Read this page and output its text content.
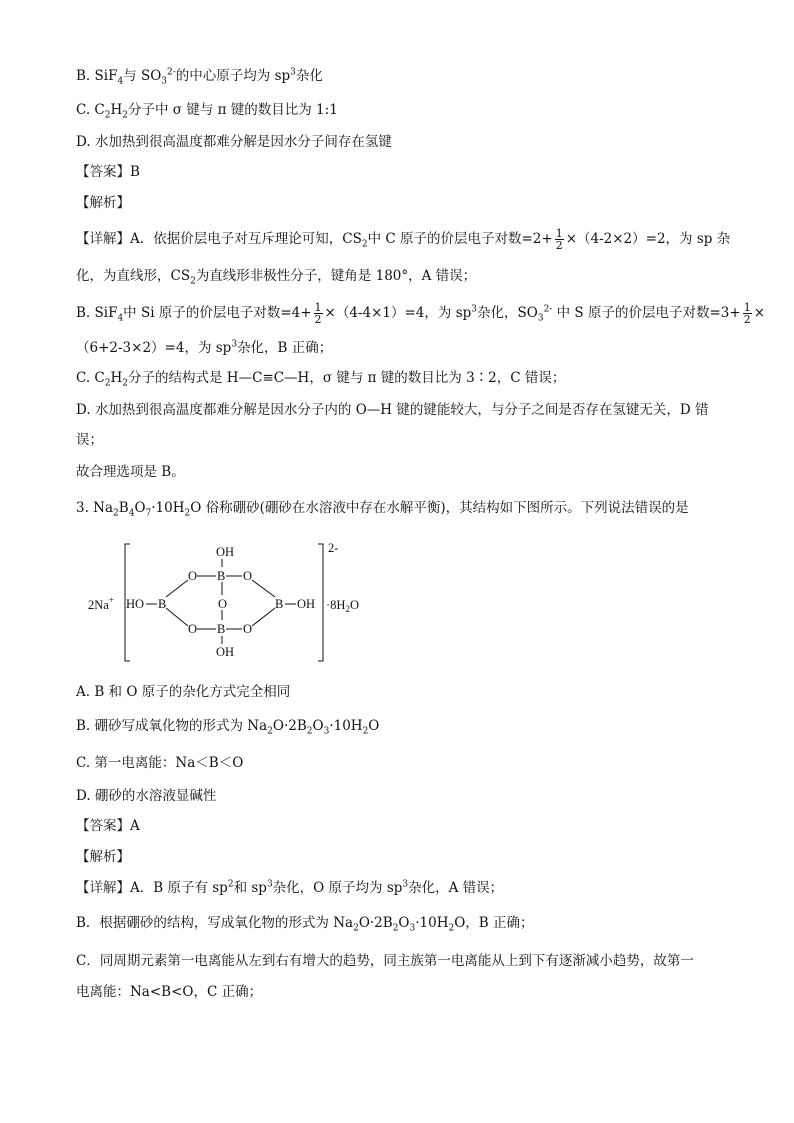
B. SiF$_4$与 $SO_3^{2-}$的中心原子均为 $sp^3$杂化
C. $C_2H_2$分子中 σ 键与 π 键的数目比为 1:1
D. 水加热到很高温度都难分解是因水分子间存在氢键
【答案】B
【解析】
【详解】A．依据价层电子对互斥理论可知，$CS_2$中 C 原子的价层电子对数$=2+ \frac{1}{2} \times(4-2\times 2)=2$，为 sp 杂
化，为直线形，$CS_2$为直线形非极性分子，键角是 180°，A 错误；
B. SiF$_4$中 Si 原子的价层电子对数$=4+ \frac{1}{2} \times(4-4\times 1)=4$，为 $sp^3$杂化，$SO_3^{2-}$ 中 S 原子的价层电子对数$=3+ \frac{1}{2}$ ×
（6+2-3×2）=4，为 $sp^3$杂化，B 正确；
C. $C_2H_2$分子的结构式是 H—C≡C—H，σ 键与 π 键的数目比为 3∶2，C 错误；
D. 水加热到很高温度都难分解是因水分子内的 O—H 键的键能较大，与分子之间是否存在氢键无关，D 错
误；
故合理选项是 B。
3. $Na_2B_4O_7\cdot 10H_2O$ 俗称硼砂(硼砂在水溶液中存在水解平衡)，其结构如下图所示。下列说法错误的是
2Na+
2-
$\cdot 8H_2O$
HO B
OH
O B O
O
O B O
OH
B OH
A. B 和 O 原子的杂化方式完全相同
B. 硼砂写成氧化物的形式为 $Na_2O\cdot 2B_2O_3\cdot 10H_2O$
C. 第一电离能：Na＜B＜O
D. 硼砂的水溶液显碱性
【答案】A
【解析】
【详解】A．B 原子有 $sp^2$和 $sp^3$杂化，O 原子均为 $sp^3$杂化，A 错误；
B．根据硼砂的结构，写成氧化物的形式为 $Na_2O\cdot 2B_2O_3\cdot 10H_2O$，B 正确；
C．同周期元素第一电离能从左到右有增大的趋势，同主族第一电离能从上到下有逐渐减小趋势，故第一
电离能：Na<B<O，C 正确；
